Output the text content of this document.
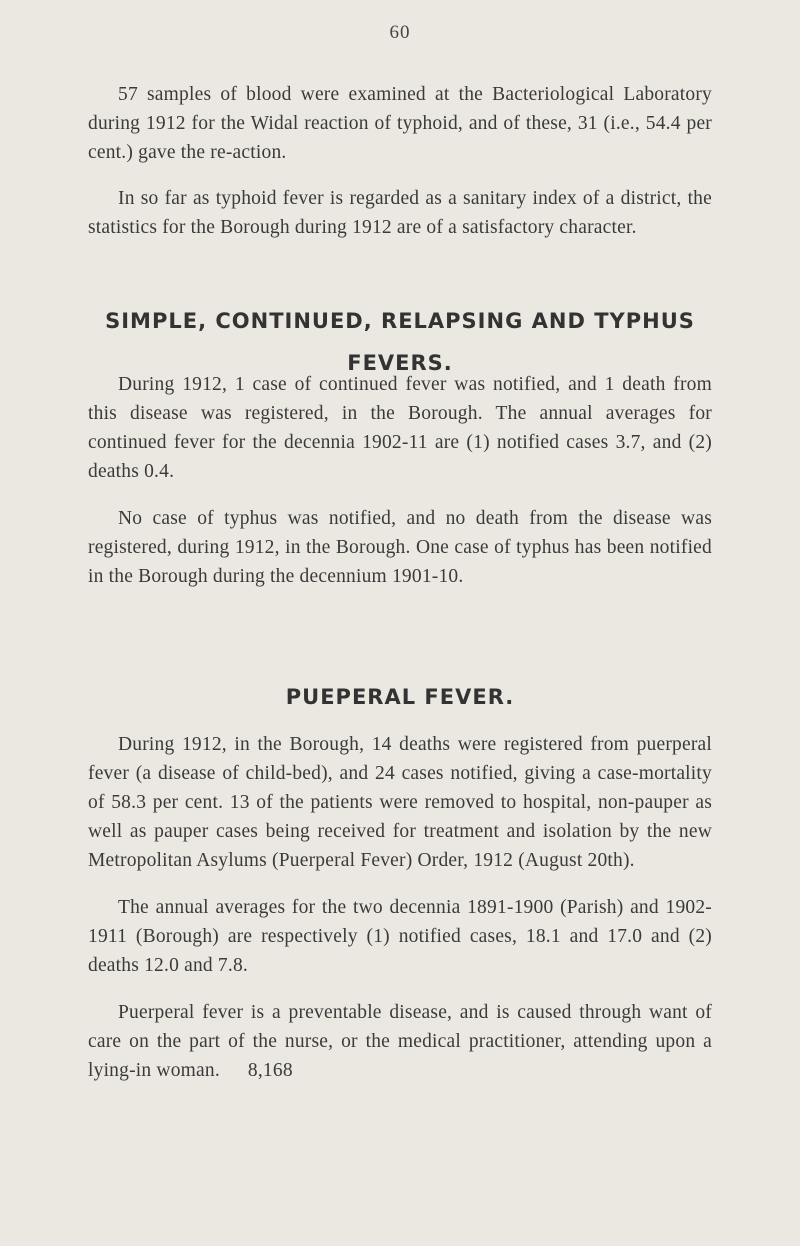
60

57 samples of blood were examined at the Bacteriological Laboratory during 1912 for the Widal reaction of typhoid, and of these, 31 (i.e., 54.4 per cent.) gave the re-action.

In so far as typhoid fever is regarded as a sanitary index of a district, the statistics for the Borough during 1912 are of a satisfactory character.

SIMPLE, CONTINUED, RELAPSING AND TYPHUS FEVERS.

During 1912, 1 case of continued fever was notified, and 1 death from this disease was registered, in the Borough. The annual averages for continued fever for the decennia 1902-11 are (1) notified cases 3.7, and (2) deaths 0.4.

No case of typhus was notified, and no death from the disease was registered, during 1912, in the Borough. One case of typhus has been notified in the Borough during the decennium 1901-10.

PUEPERAL FEVER.

During 1912, in the Borough, 14 deaths were registered from puerperal fever (a disease of child-bed), and 24 cases notified, giving a case-mortality of 58.3 per cent. 13 of the patients were removed to hospital, non-pauper as well as pauper cases being received for treatment and isolation by the new Metropolitan Asylums (Puerperal Fever) Order, 1912 (August 20th).

The annual averages for the two decennia 1891-1900 (Parish) and 1902-1911 (Borough) are respectively (1) notified cases, 18.1 and 17.0 and (2) deaths 12.0 and 7.8.

Puerperal fever is a preventable disease, and is caused through want of care on the part of the nurse, or the medical practitioner, attending upon a lying-in woman. 8,168
